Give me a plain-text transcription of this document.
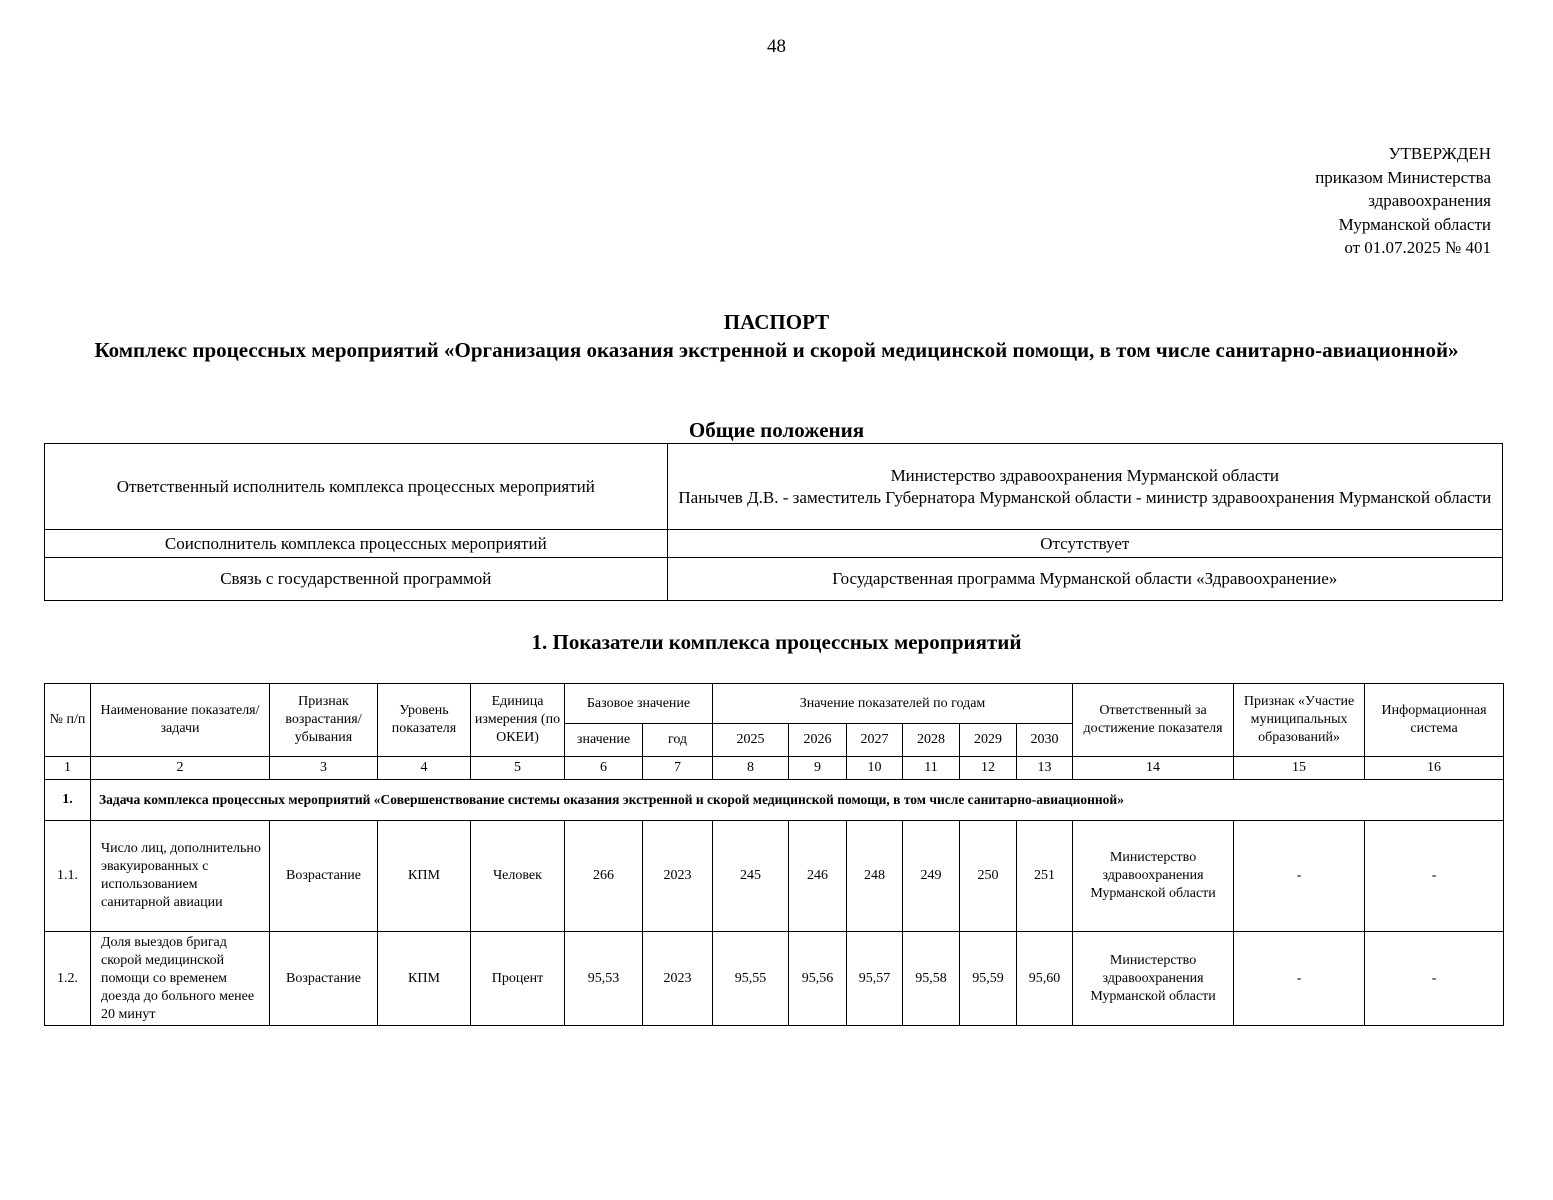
48
УТВЕРЖДЕН
приказом Министерства
здравоохранения
Мурманской области
от 01.07.2025 № 401
ПАСПОРТ
Комплекс процессных мероприятий «Организация оказания экстренной и скорой медицинской помощи, в том числе санитарно-авиационной»
Общие положения
Ответственный исполнитель комплекса процессных мероприятий	Министерство здравоохранения Мурманской области
Панычев Д.В. - заместитель Губернатора Мурманской области - министр здравоохранения Мурманской области

Соисполнитель комплекса процессных мероприятий	Отсутствует
Связь с государственной программой	Государственная программа Мурманской области «Здравоохранение»
1. Показатели комплекса процессных мероприятий
№ п/п	Наименование показателя/задачи	Признак возрастания/ убывания	Уровень показателя	Единица измерения (по ОКЕИ)	Базовое значение		Значение показателей по годам						Ответственный за достижение показателя	Признак «Участие муниципальных образований»	Информационная система
					значение	год	2025	2026	2027	2028	2029	2030			
1	2	3	4	5	6	7	8	9	10	11	12	13	14	15	16
1.	Задача комплекса процессных мероприятий «Совершенствование системы оказания экстренной и скорой медицинской помощи, в том числе санитарно-авиационной»														
1.1.	Число лиц, дополнительно эвакуированных с использованием санитарной авиации	Возрастание	КПМ	Человек	266	2023	245	246	248	249	250	251	Министерство здравоохранения Мурманской области	-	-
1.2.	Доля выездов бригад скорой медицинской помощи со временем доезда до больного менее 20 минут	Возрастание	КПМ	Процент	95,53	2023	95,55	95,56	95,57	95,58	95,59	95,60	Министерство здравоохранения Мурманской области	-	-
